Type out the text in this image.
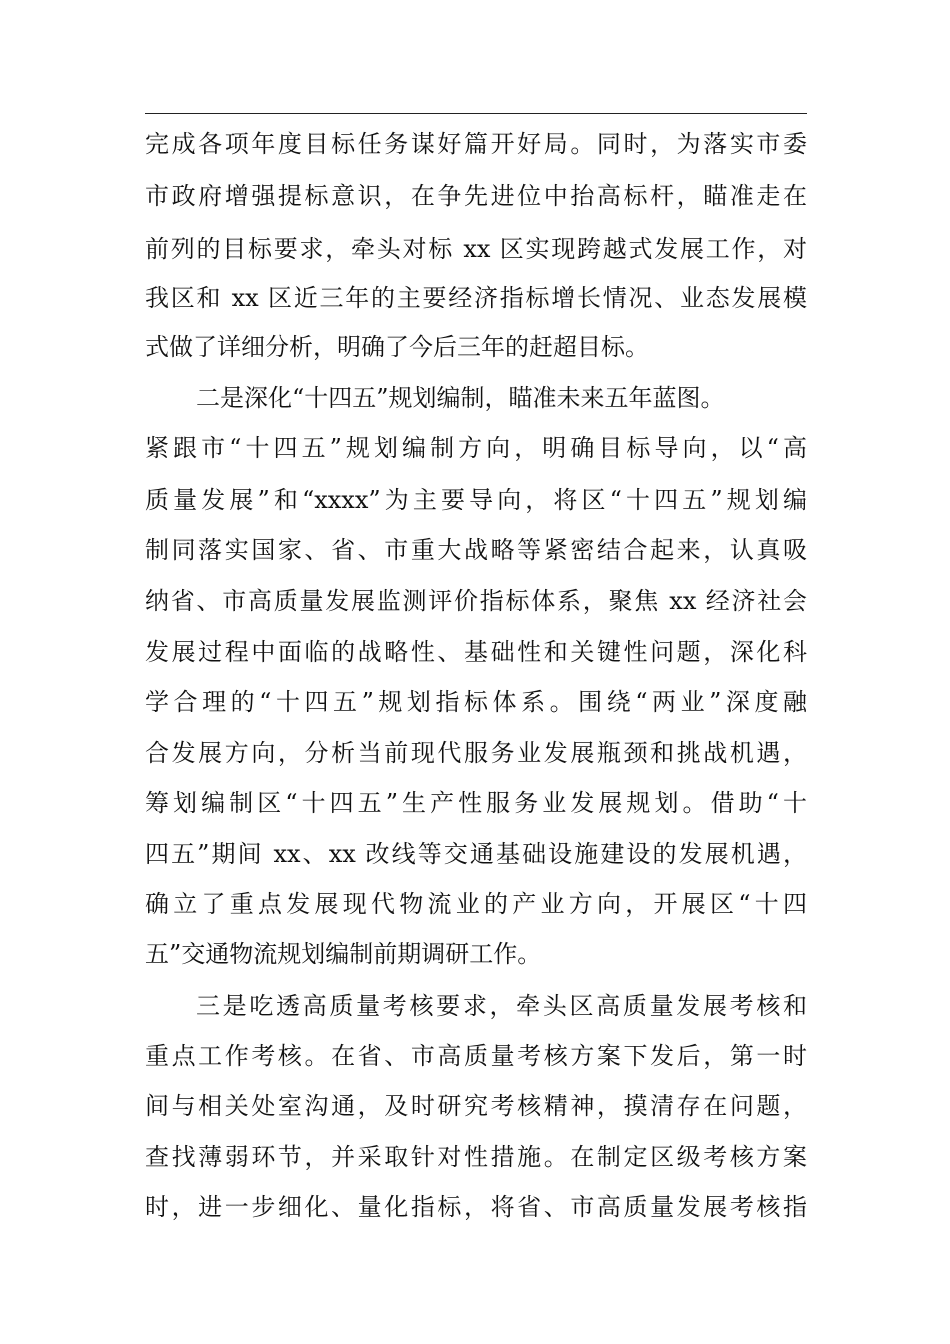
完成各项年度目标任务谋好篇开好局。同时，为落实市委
市政府增强提标意识，在争先进位中抬高标杆，瞄准走在
前列的目标要求，牵头对标 xx 区实现跨越式发展工作，对
我区和 xx 区近三年的主要经济指标增长情况、业态发展模
式做了详细分析，明确了今后三年的赶超目标。
二是深化“十四五”规划编制，瞄准未来五年蓝图。
紧跟市“十四五”规划编制方向，明确目标导向，以“高
质量发展”和“xxxx”为主要导向，将区“十四五”规划编
制同落实国家、省、市重大战略等紧密结合起来，认真吸
纳省、市高质量发展监测评价指标体系，聚焦 xx 经济社会
发展过程中面临的战略性、基础性和关键性问题，深化科
学合理的“十四五”规划指标体系。围绕“两业”深度融
合发展方向，分析当前现代服务业发展瓶颈和挑战机遇，
筹划编制区“十四五”生产性服务业发展规划。借助“十
四五”期间 xx、xx 改线等交通基础设施建设的发展机遇，
确立了重点发展现代物流业的产业方向，开展区“十四
五”交通物流规划编制前期调研工作。
三是吃透高质量考核要求，牵头区高质量发展考核和
重点工作考核。在省、市高质量考核方案下发后，第一时
间与相关处室沟通，及时研究考核精神，摸清存在问题，
查找薄弱环节，并采取针对性措施。在制定区级考核方案
时，进一步细化、量化指标，将省、市高质量发展考核指
